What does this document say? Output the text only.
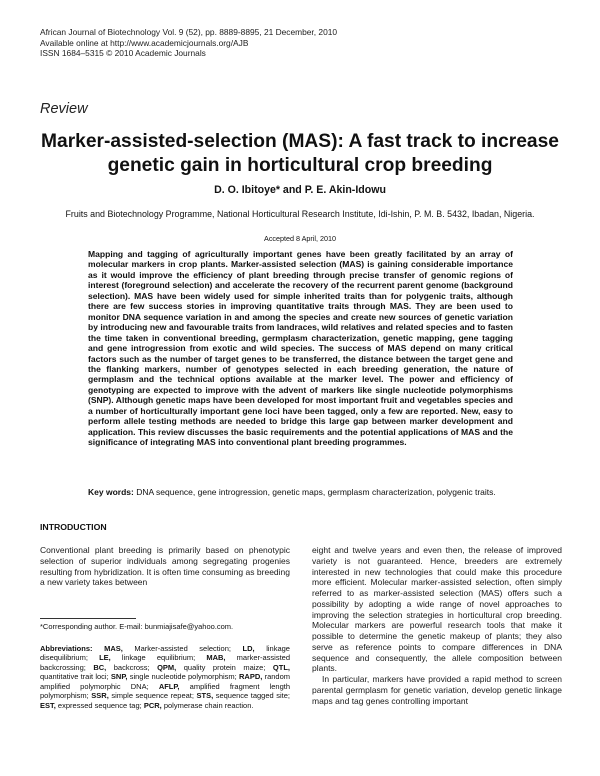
African Journal of Biotechnology Vol. 9 (52), pp. 8889-8895, 21 December, 2010
Available online at http://www.academicjournals.org/AJB
ISSN 1684–5315 © 2010 Academic Journals
Review
Marker-assisted-selection (MAS): A fast track to increase genetic gain in horticultural crop breeding
D. O. Ibitoye* and P. E. Akin-Idowu
Fruits and Biotechnology Programme, National Horticultural Research Institute, Idi-Ishin, P. M. B. 5432, Ibadan, Nigeria.
Accepted 8 April, 2010
Mapping and tagging of agriculturally important genes have been greatly facilitated by an array of molecular markers in crop plants. Marker-assisted selection (MAS) is gaining considerable importance as it would improve the efficiency of plant breeding through precise transfer of genomic regions of interest (foreground selection) and accelerate the recovery of the recurrent parent genome (background selection). MAS have been widely used for simple inherited traits than for polygenic traits, although there are few success stories in improving quantitative traits through MAS. They are been used to monitor DNA sequence variation in and among the species and create new sources of genetic variation by introducing new and favourable traits from landraces, wild relatives and related species and to fasten the time taken in conventional breeding, germplasm characterization, genetic mapping, gene tagging and gene introgression from exotic and wild species. The success of MAS depend on many critical factors such as the number of target genes to be transferred, the distance between the target gene and the flanking markers, number of genotypes selected in each breeding generation, the nature of germplasm and the technical options available at the marker level. The power and efficiency of genotyping are expected to improve with the advent of markers like single nucleotide polymorphisms (SNP). Although genetic maps have been developed for most important fruit and vegetables species and a number of horticulturally important gene loci have been tagged, only a few are reported. New, easy to perform allele testing methods are needed to bridge this large gap between marker development and application. This review discusses the basic requirements and the potential applications of MAS and the significance of integrating MAS into conventional plant breeding programmes.
Key words: DNA sequence, gene introgression, genetic maps, germplasm characterization, polygenic traits.
INTRODUCTION

Conventional plant breeding is primarily based on phenotypic selection of superior individuals among segregating progenies resulting from hybridization. It is often time consuming as breeding a new variety takes between

eight and twelve years and even then, the release of improved variety is not guaranteed. Hence, breeders are extremely interested in new technologies that could make this procedure more efficient. Molecular marker-assisted selection, often simply referred to as marker-assisted selection (MAS) offers such a possibility by adopting a wide range of novel approaches to improving the selection strategies in horticultural crop breeding. Molecular markers are powerful research tools that make it possible to determine the genetic makeup of plants; they also serve as reference points to compare differences in DNA sequence and consequently, the allele composition between plants.

In particular, markers have provided a rapid method to screen parental germplasm for genetic variation, develop genetic linkage maps and tag genes controlling important

*Corresponding author. E-mail: bunmiajisafe@yahoo.com.
Abbreviations: MAS, Marker-assisted selection; LD, linkage disequilibrium; LE, linkage equilibrium; MAB, marker-assisted backcrossing; BC, backcross; QPM, quality protein maize; QTL, quantitative trait loci; SNP, single nucleotide polymorphism; RAPD, random amplified polymorphic DNA; AFLP, amplified fragment length polymorphism; SSR, simple sequence repeat; STS, sequence tagged site; EST, expressed sequence tag; PCR, polymerase chain reaction.
